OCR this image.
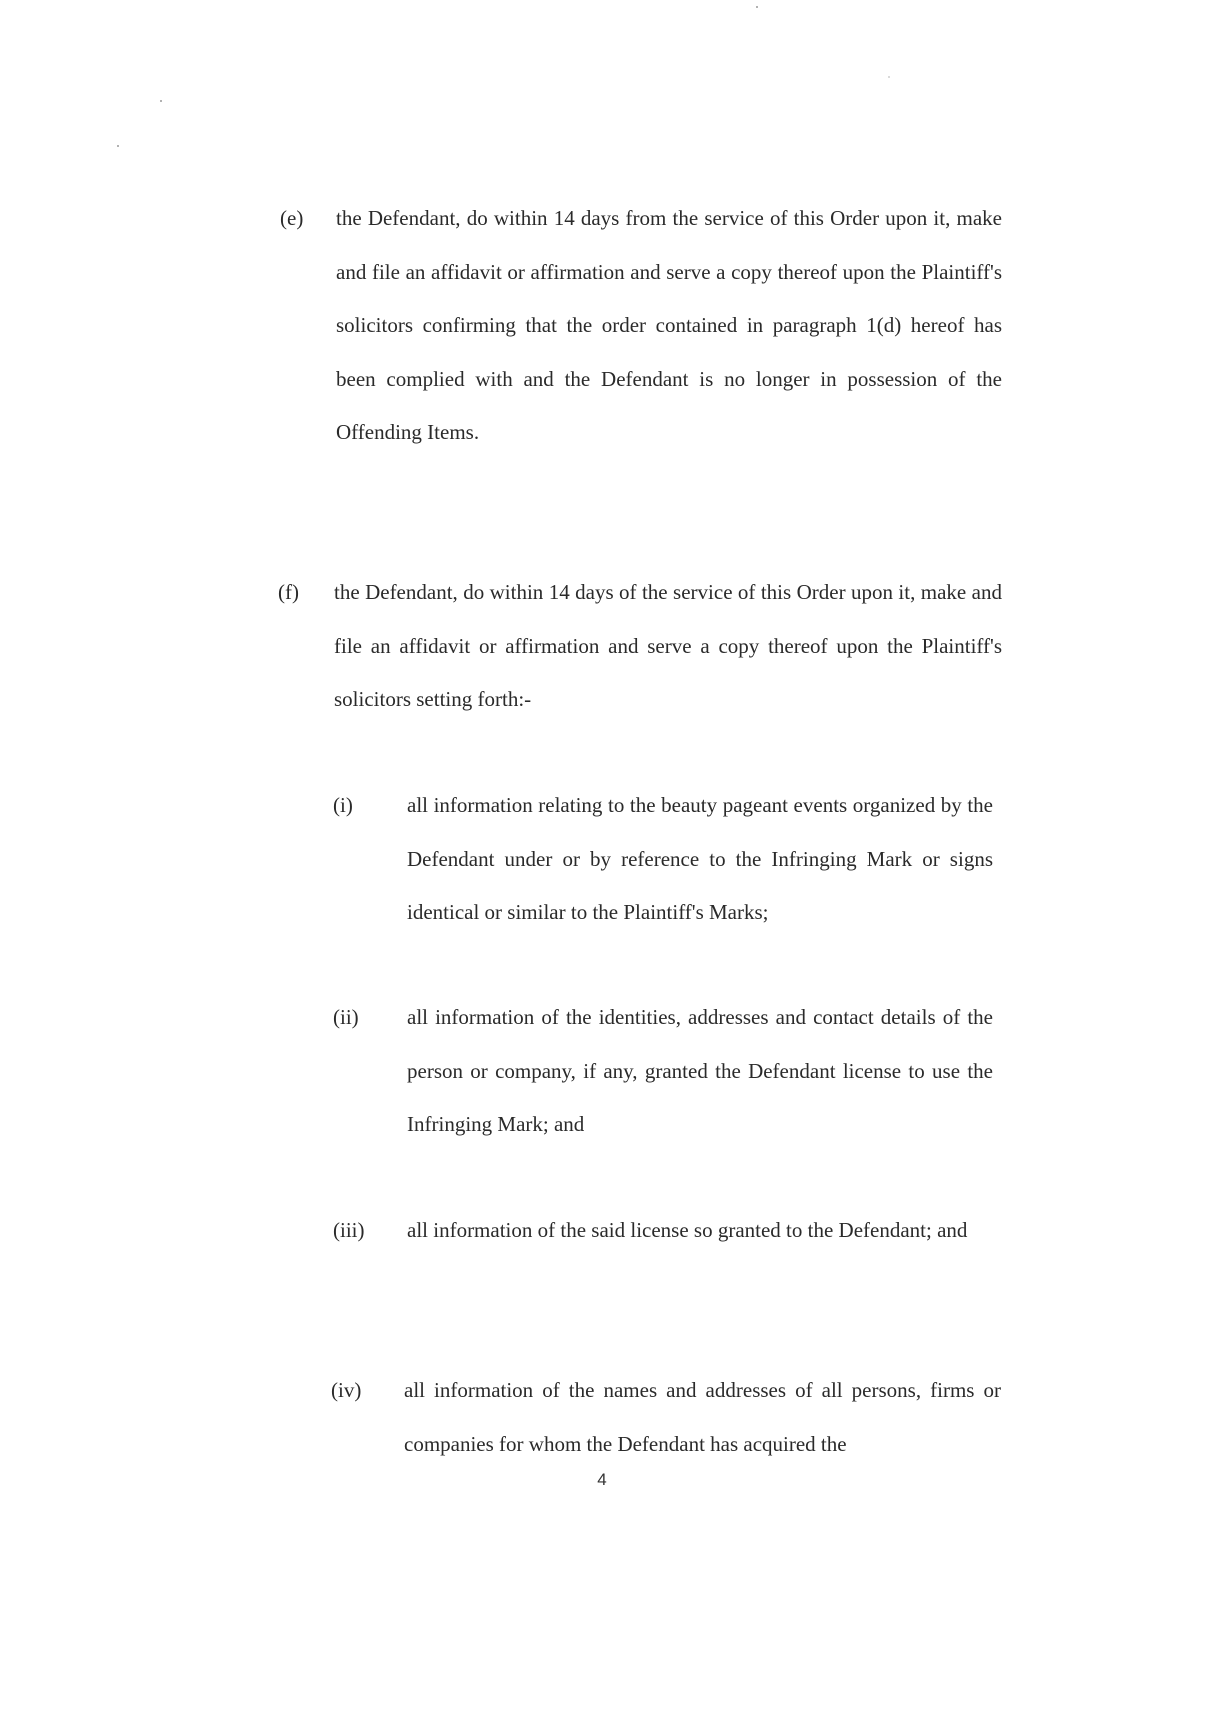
(e) the Defendant, do within 14 days from the service of this Order upon it, make and file an affidavit or affirmation and serve a copy thereof upon the Plaintiff's solicitors confirming that the order contained in paragraph 1(d) hereof has been complied with and the Defendant is no longer in possession of the Offending Items.
(f) the Defendant, do within 14 days of the service of this Order upon it, make and file an affidavit or affirmation and serve a copy thereof upon the Plaintiff's solicitors setting forth:-
(i)	all information relating to the beauty pageant events organized by the Defendant under or by reference to the Infringing Mark or signs identical or similar to the Plaintiff's Marks;
(ii) all information of the identities, addresses and contact details of the person or company, if any, granted the Defendant license to use the Infringing Mark; and
(iii) all information of the said license so granted to the Defendant; and
(iv) all information of the names and addresses of all persons, firms or companies for whom the Defendant has acquired the
4
